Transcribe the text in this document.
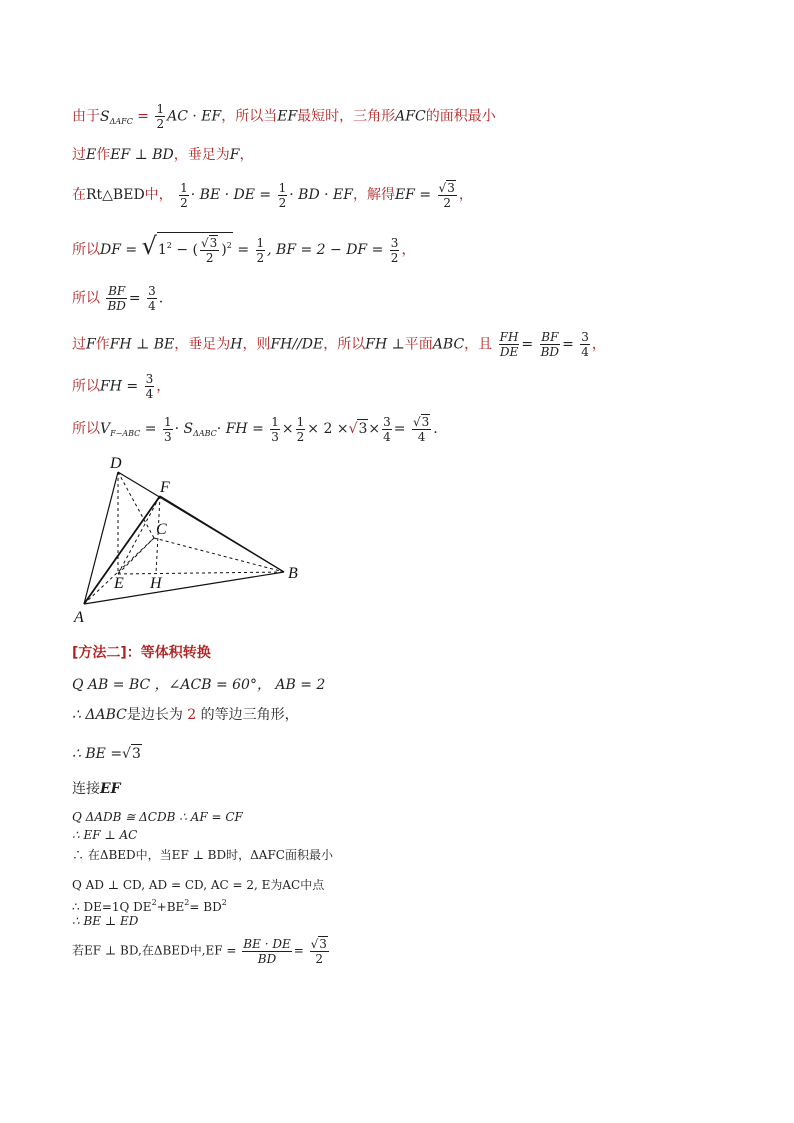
由于$S_{\Delta AFC} = \frac{1}{2}$ AC · EF，所以当EF最短时，三角形AFC的面积最小
过E作EF ⊥ BD，垂足为F，
在Rt△BED中， $\frac{1}{2}$ · BE · DE = $\frac{1}{2}$ · BD · EF，解得EF = $\frac{√3}{2}$ ，
所以DF = $√1^2$ − ( $\frac{√3}{2} )^2 = \frac{1}{2}$ , BF = 2 − DF = $\frac{3}{2}$ ，
所以 $\frac{BF}{BD} = \frac{3}{4}$ .
过F作FH ⊥ BE，垂足为H，则FH//DE，所以FH ⊥平面ABC，且 $\frac{FH}{DE} = \frac{BF}{BD} = \frac{3}{4}$ ，
所以FH = $\frac{3}{4}$ ，
所以$V_{F-ABC} = \frac{1}{3} \cdot S_{\Delta ABC}\cdot$ FH = $\frac{1}{3} \times \frac{1}{2} \times 2 \times√3\times \frac{3}{4} = \frac{√3}{4}$ .
D
F
C
E H
B
A
[方法二]：等体积转换
Q AB = BC ，∠ACB = 60°， AB = 2
∴ ΔABC是边长为 2 的等边三角形，
∴ BE =√3
连接EF
Q ΔADB ≅ ΔCDB ∴ AF = CF
∴ EF ⊥ AC
∴ 在ΔBED中，当EF ⊥ BD时，ΔAFC面积最小
Q AD ⊥ CD, AD = CD, AC = 2, E为AC中点
∴ DE=1Q $DE^2+BE^2= BD^2$
∴ BE ⊥ ED
若EF ⊥ BD,在ΔBED中$,EF = \frac{BE \cdot DE}{BD} = \frac{√3}{2}$
